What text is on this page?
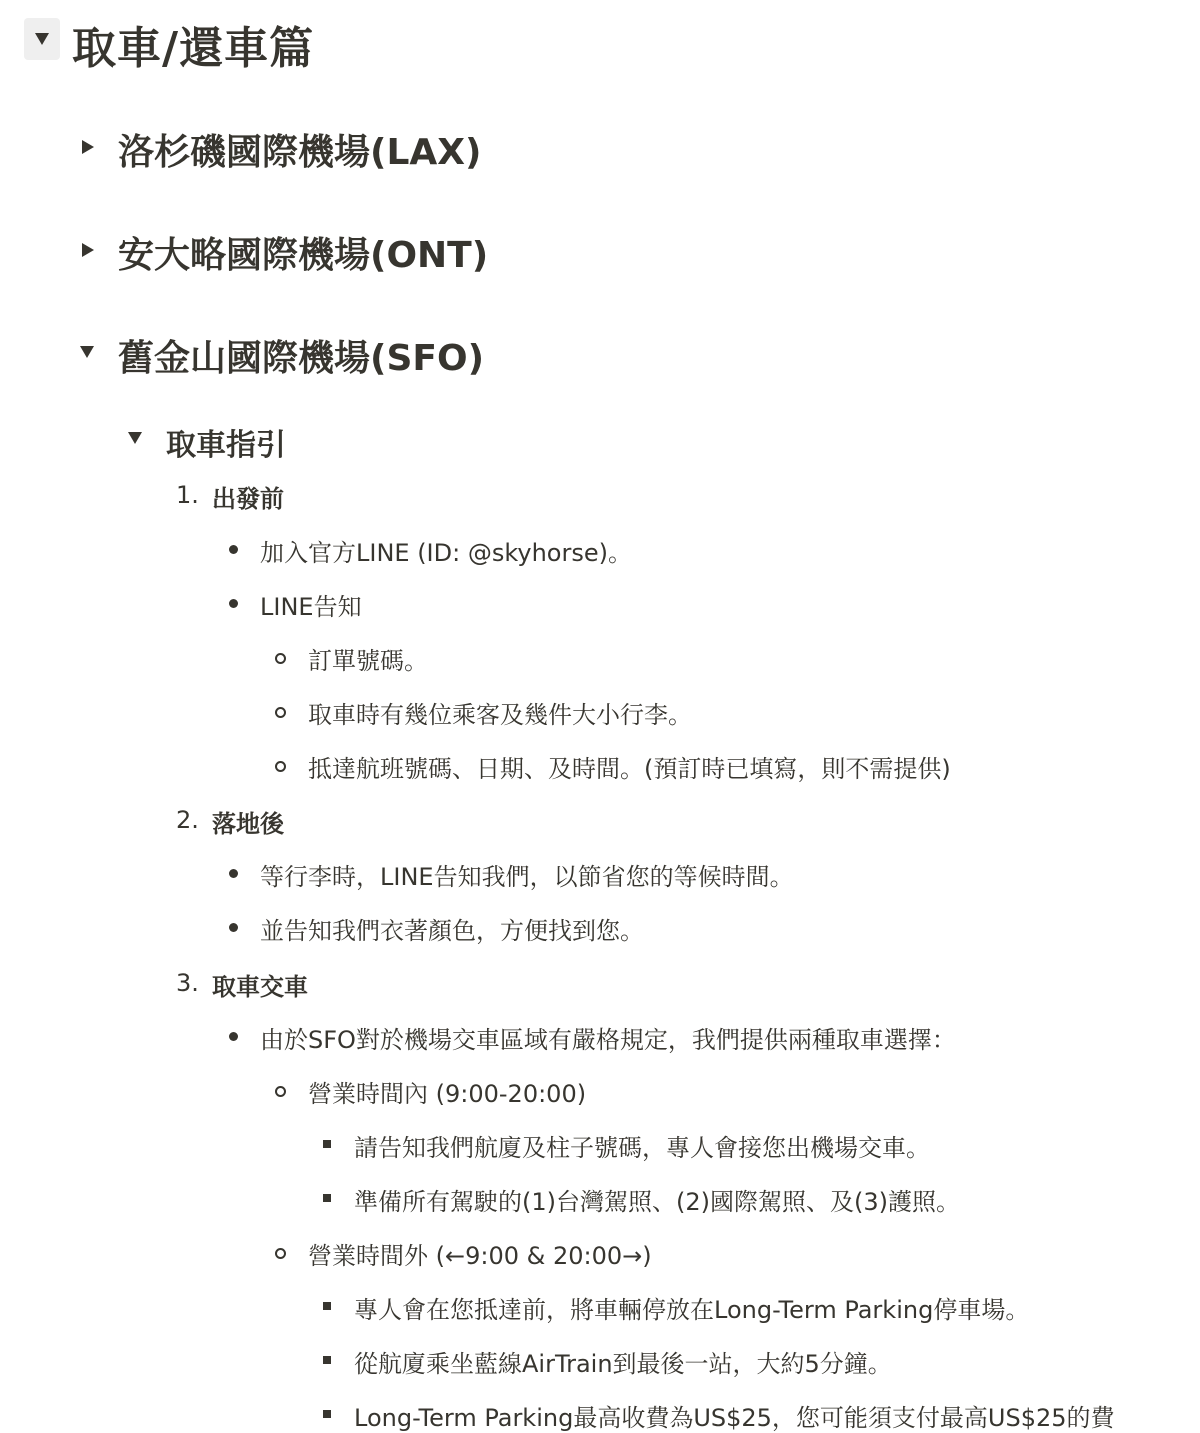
取車/還車篇
洛杉磯國際機場(LAX)
安大略國際機場(ONT)
舊金山國際機場(SFO)
取車指引
1. 出發前
加入官方LINE (ID: @skyhorse)。
LINE告知
訂單號碼。
取車時有幾位乘客及幾件大小行李。
抵達航班號碼、日期、及時間。(預訂時已填寫，則不需提供)
2. 落地後
等行李時，LINE告知我們，以節省您的等候時間。
並告知我們衣著顏色，方便找到您。
3. 取車交車
由於SFO對於機場交車區域有嚴格規定，我們提供兩種取車選擇：
營業時間內 (9:00-20:00)
請告知我們航廈及柱子號碼，專人會接您出機場交車。
準備所有駕駛的(1)台灣駕照、(2)國際駕照、及(3)護照。
營業時間外 (←9:00 & 20:00→)
專人會在您抵達前，將車輛停放在Long-Term Parking停車場。
從航廈乘坐藍線AirTrain到最後一站，大約5分鐘。
Long-Term Parking最高收費為US$25，您可能須支付最高US$25的費
